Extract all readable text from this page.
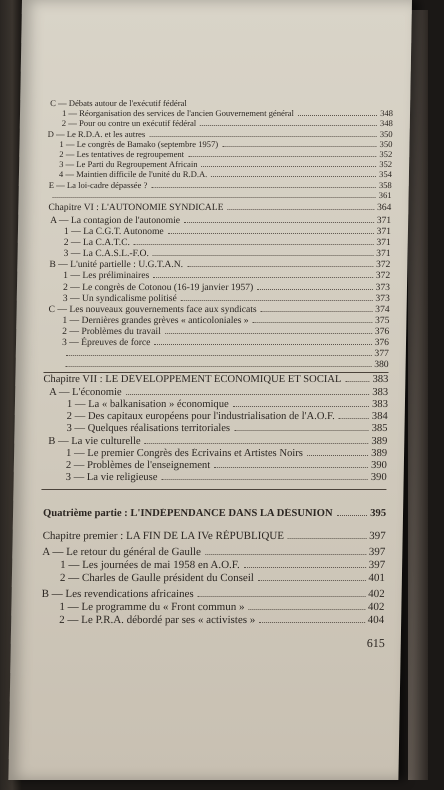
C — Débats autour de l'exécutif fédéral
1 — Réorganisation des services de l'ancien Gouvernement général	348
2 — Pour ou contre un exécutif fédéral	348
D — Le R.D.A. et les autres	350
1 — Le congrès de Bamako (septembre 1957)	350
2 — Les tentatives de regroupement	352
3 — Le Parti du Regroupement Africain	352
4 — Maintien difficile de l'unité du R.D.A.	354
E — La loi-cadre dépassée ?	358
361
Chapitre VI : L'AUTONOMIE SYNDICALE	364
A — La contagion de l'autonomie	371
1 — La C.G.T. Autonome	371
2 — La C.A.T.C.	371
3 — La C.A.S.L.-F.O.	371
B — L'unité partielle : U.G.T.A.N.	372
1 — Les préliminaires	372
2 — Le congrès de Cotonou (16-19 janvier 1957)	373
3 — Un syndicalisme politisé	373
C — Les nouveaux gouvernements face aux syndicats	374
1 — Dernières grandes grèves « anticoloniales »	375
2 — Problèmes du travail	376
3 — Épreuves de force	376
377
380
Chapitre VII : LE DÉVELOPPEMENT ÉCONOMIQUE ET SOCIAL	383
A — L'économie	383
1 — La « balkanisation » économique	383
2 — Des capitaux européens pour l'industrialisation de l'A.O.F.	384
3 — Quelques réalisations territoriales	385
B — La vie culturelle	389
1 — Le premier Congrès des Écrivains et Artistes Noirs	389
2 — Problèmes de l'enseignement	390
3 — La vie religieuse	390
Quatrième partie : L'INDÉPENDANCE DANS LA DÉSUNION	395
Chapitre premier : LA FIN DE LA IVe RÉPUBLIQUE	397
A — Le retour du général de Gaulle	397
1 — Les journées de mai 1958 en A.O.F.	397
2 — Charles de Gaulle président du Conseil	401
B — Les revendications africaines	402
1 — Le programme du « Front commun »	402
2 — Le P.R.A. débordé par ses « activistes »	404
615
